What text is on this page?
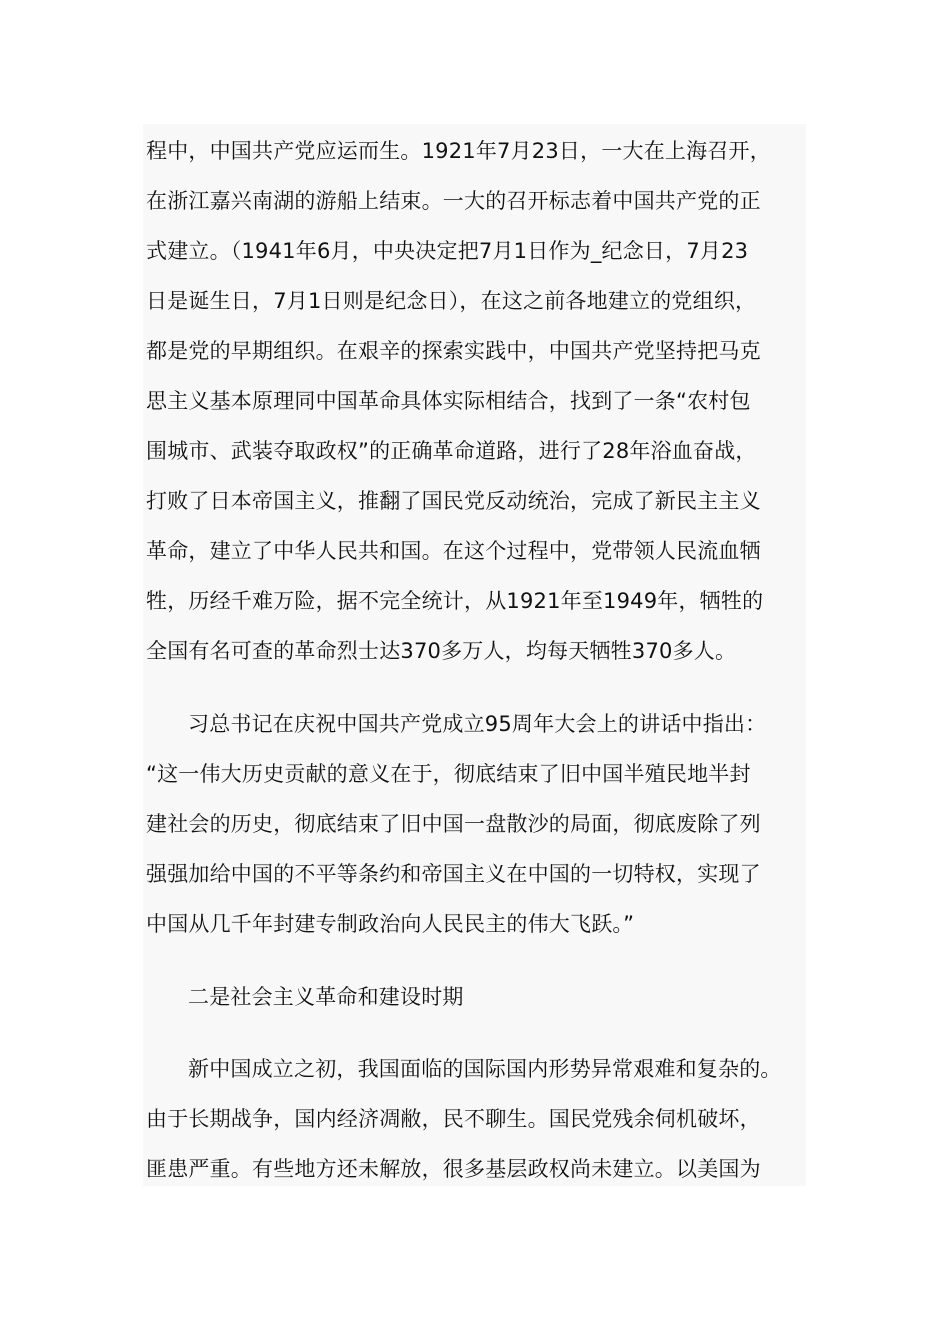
程中，中国共产党应运而生。1921年7月23日，一大在上海召开，
在浙江嘉兴南湖的游船上结束。一大的召开标志着中国共产党的正
式建立。（1941年6月，中央决定把7月1日作为_纪念日，7月23
日是诞生日，7月1日则是纪念日），在这之前各地建立的党组织，
都是党的早期组织。在艰辛的探索实践中，中国共产党坚持把马克
思主义基本原理同中国革命具体实际相结合，找到了一条“农村包
围城市、武装夺取政权”的正确革命道路，进行了28年浴血奋战，
打败了日本帝国主义，推翻了国民党反动统治，完成了新民主主义
革命，建立了中华人民共和国。在这个过程中，党带领人民流血牺
牲，历经千难万险，据不完全统计，从1921年至1949年，牺牲的
全国有名可查的革命烈士达370多万人，均每天牺牲370多人。
习总书记在庆祝中国共产党成立95周年大会上的讲话中指出：
“这一伟大历史贡献的意义在于，彻底结束了旧中国半殖民地半封
建社会的历史，彻底结束了旧中国一盘散沙的局面，彻底废除了列
强强加给中国的不平等条约和帝国主义在中国的一切特权，实现了
中国从几千年封建专制政治向人民民主的伟大飞跃。”
二是社会主义革命和建设时期
新中国成立之初，我国面临的国际国内形势异常艰难和复杂的。
由于长期战争，国内经济凋敝，民不聊生。国民党残余伺机破坏，
匪患严重。有些地方还未解放，很多基层政权尚未建立。以美国为
